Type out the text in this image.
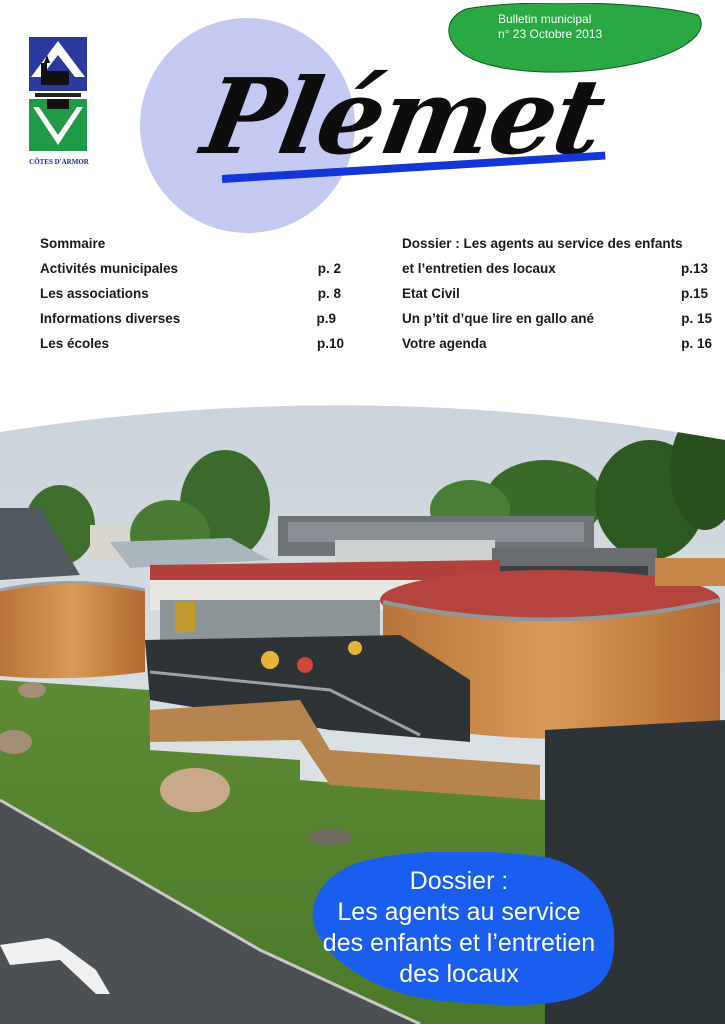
Bulletin municipal
n° 23 Octobre 2013
Plémet
CÔTES D'ARMOR
Sommaire
Activités municipales	p. 2
Les associations	p. 8
Informations diverses	p.9
Les écoles	p.10
Dossier : Les agents au service des enfants
et l’entretien des locaux	p.13
Etat Civil	p.15
Un p’tit d’que lire en gallo ané	p. 15
Votre agenda	p. 16
Dossier :
Les agents au service
des enfants et l’entretien
des locaux
